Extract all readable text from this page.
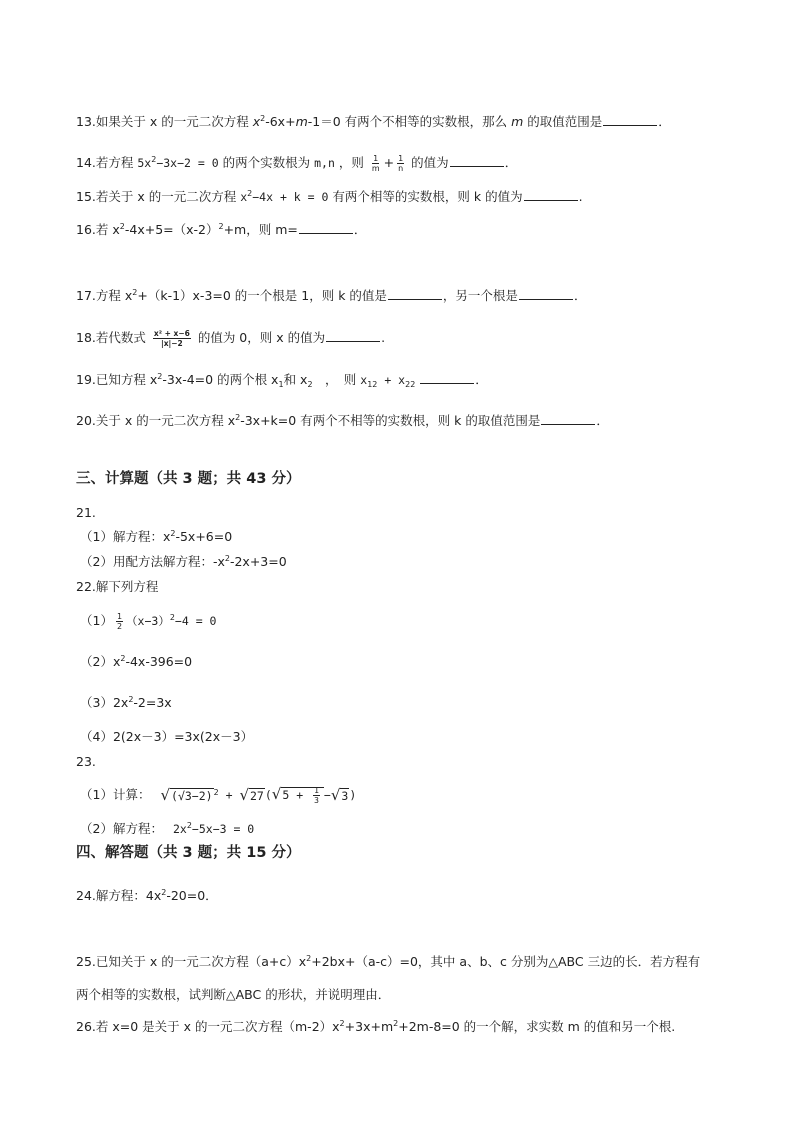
13.如果关于 x 的一元二次方程 $x^2-6x+m-1=0$ 有两个不相等的实数根，那么 m 的取值范围是	．
14.若方程 $5x^2-3x-2 = 0$ 的两个实数根为 m,n ，则 $\frac{1}{m} + \frac{1}{n}$ 的值为	．
15.若关于 x 的一元二次方程 $x^2-4x + k = 0$ 有两个相等的实数根，则 k 的值为	.
16.若 $x^2-4x+5=(x-2)^2+m$，则 m=	．
17.方程 $x^2+(k-1)x-3=0$ 的一个根是 1，则 k 的值是	，另一个根是	．
18.若代数式 $\frac{\text{x² + x−6}}{|x|-2}$ 的值为 0，则 x 的值为	.
19.已知方程 $x^2-3x-4=0$ 的两个根 $x_1$和 $x_2$　，　则 $x_{12} + x_{22}$	．
20.关于 x 的一元二次方程 $x^2-3x+k=0$ 有两个不相等的实数根，则 k 的取值范围是	．
三、计算题（共 3 题；共 43 分）
21.
（1）解方程：$x^2-5x+6=0$
（2）用配方法解方程：$-x^2-2x+3=0$
22.解下列方程
$(1) \frac{1}{2} (x-3)^2-4 = 0$
$(2)x^2-4x-396=0$
$(3)2x^2-2=3x$
（4）2(2x－3）=3x(2x－3）
23.
（1）计算： $√(√3-2)^2 + √27(√5 + \frac{1}{3} -√3)$
（2）解方程： $2x^2-5x-3 = 0$
四、解答题（共 3 题；共 15 分）
24.解方程：$4x^2-20=0$．
25.已知关于 x 的一元二次方程$(a+c)x^2+2bx+(a-c)=0$，其中 a、b、c 分别为△ABC 三边的长．若方程有
两个相等的实数根，试判断△ABC 的形状，并说明理由．
26.若 x=0 是关于 x 的一元二次方程$(m-2)x^2+3x+m^2+2m-8=0$ 的一个解，求实数 m 的值和另一个根.
